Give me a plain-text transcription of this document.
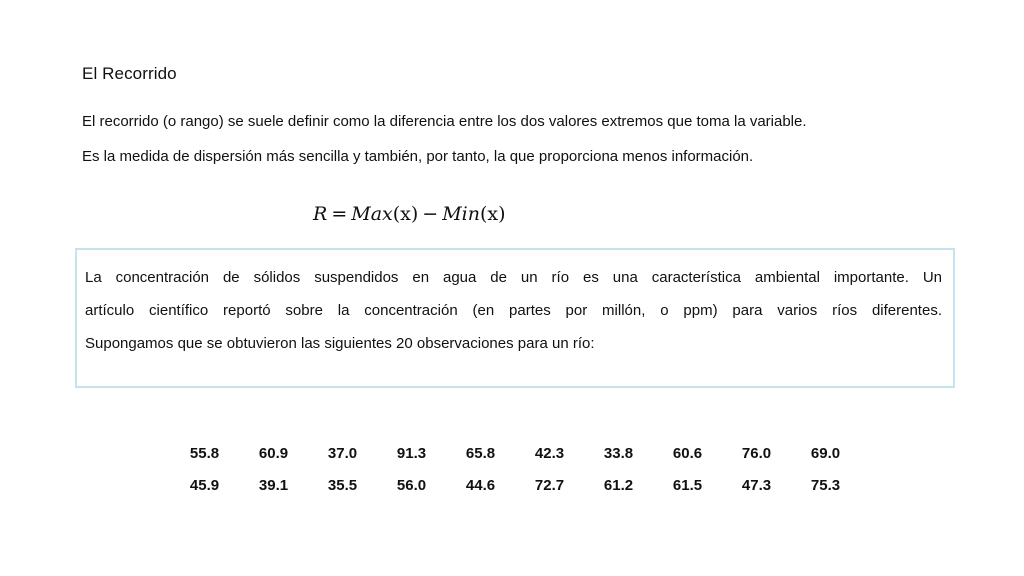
El Recorrido
El recorrido (o rango) se suele definir como la diferencia entre los dos valores extremos que toma la variable.
Es la medida de dispersión más sencilla y también, por tanto, la que proporciona menos información.
R = Max(x) − Min(x)
La concentración de sólidos suspendidos en agua de un río es una característica ambiental importante. Un
artículo científico reportó sobre la concentración (en partes por millón, o ppm) para varios ríos diferentes.
Supongamos que se obtuvieron las siguientes 20 observaciones para un río:
55.8	60.9	37.0	91.3	65.8	42.3	33.8	60.6	76.0	69.0
45.9	39.1	35.5	56.0	44.6	72.7	61.2	61.5	47.3	75.3
